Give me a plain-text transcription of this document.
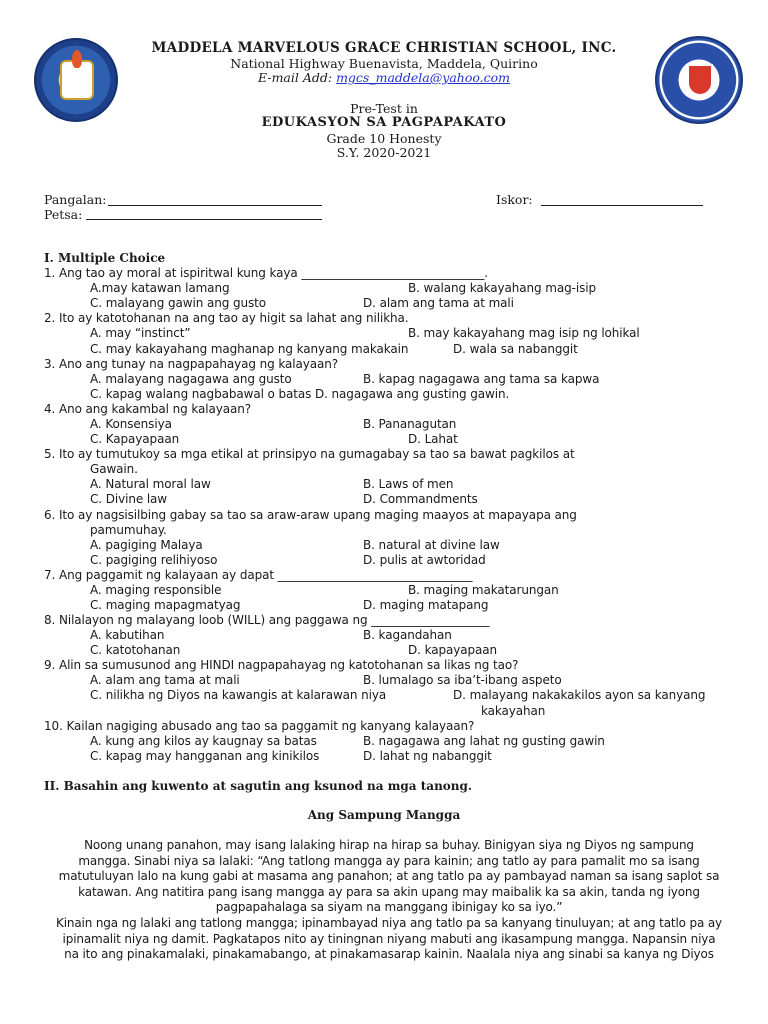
MADDELA MARVELOUS GRACE CHRISTIAN SCHOOL, INC.
National Highway Buenavista, Maddela, Quirino
E-mail Add: mgcs_maddela@yahoo.com
Pre-Test in
EDUKASYON SA PAGPAPAKATO
Grade 10 Honesty
S.Y. 2020-2021
Pangalan:
Petsa:
Iskor:
I. Multiple Choice
1. Ang tao ay moral at ispiritwal kung kaya _______________________________.
A.may katawan lamang	B. walang kakayahang mag-isip
C. malayang gawin ang gusto	D. alam ang tama at mali
2. Ito ay katotohanan na ang tao ay higit sa lahat ang nilikha.
A. may “instinct”	B. may kakayahang mag isip ng lohikal
C. may kakayahang maghanap ng kanyang makakain	D. wala sa nabanggit
3. Ano ang tunay na nagpapahayag ng kalayaan?
A. malayang nagagawa ang gusto	B. kapag nagagawa ang tama sa kapwa
C. kapag walang nagbabawal o batas D. nagagawa ang gusting gawin.
4. Ano ang kakambal ng kalayaan?
A. Konsensiya	B. Pananagutan
C. Kapayapaan	D. Lahat
5. Ito ay tumutukoy sa mga etikal at prinsipyo na gumagabay sa tao sa bawat pagkilos at
Gawain.
A. Natural moral law	B. Laws of men
C. Divine law	D. Commandments
6. Ito ay nagsisilbing gabay sa tao sa araw-araw upang maging maayos at mapayapa ang
pamumuhay.
A. pagiging Malaya	B. natural at divine law
C. pagiging relihiyoso	D. pulis at awtoridad
7. Ang paggamit ng kalayaan ay dapat _________________________________
A. maging responsible	B. maging makatarungan
C. maging mapagmatyag	D. maging matapang
8. Nilalayon ng malayang loob (WILL) ang paggawa ng ____________________
A. kabutihan	B. kagandahan
C. katotohanan	D. kapayapaan
9. Alin sa sumusunod ang HINDI nagpapahayag ng katotohanan sa likas ng tao?
A. alam ang tama at mali	B. lumalago sa iba’t-ibang aspeto
C. nilikha ng Diyos na kawangis at kalarawan niya	D. malayang nakakakilos ayon sa kanyang
kakayahan
10. Kailan nagiging abusado ang tao sa paggamit ng kanyang kalayaan?
A. kung ang kilos ay kaugnay sa batas	B. nagagawa ang lahat ng gusting gawin
C. kapag may hangganan ang kinikilos	D. lahat ng nabanggit
II. Basahin ang kuwento at sagutin ang ksunod na mga tanong.
Ang Sampung Mangga
Noong unang panahon, may isang lalaking hirap na hirap sa buhay. Binigyan siya ng Diyos ng sampung
mangga. Sinabi niya sa lalaki: “Ang tatlong mangga ay para kainin; ang tatlo ay para pamalit mo sa isang
matutuluyan lalo na kung gabi at masama ang panahon; at ang tatlo pa ay pambayad naman sa isang saplot sa
katawan. Ang natitira pang isang mangga ay para sa akin upang may maibalik ka sa akin, tanda ng iyong
pagpapahalaga sa siyam na manggang ibinigay ko sa iyo.”
Kinain nga ng lalaki ang tatlong mangga; ipinambayad niya ang tatlo pa sa kanyang tinuluyan; at ang tatlo pa ay
ipinamalit niya ng damit. Pagkatapos nito ay tiningnan niyang mabuti ang ikasampung mangga. Napansin niya
na ito ang pinakamalaki, pinakamabango, at pinakamasarap kainin. Naalala niya ang sinabi sa kanya ng Diyos
